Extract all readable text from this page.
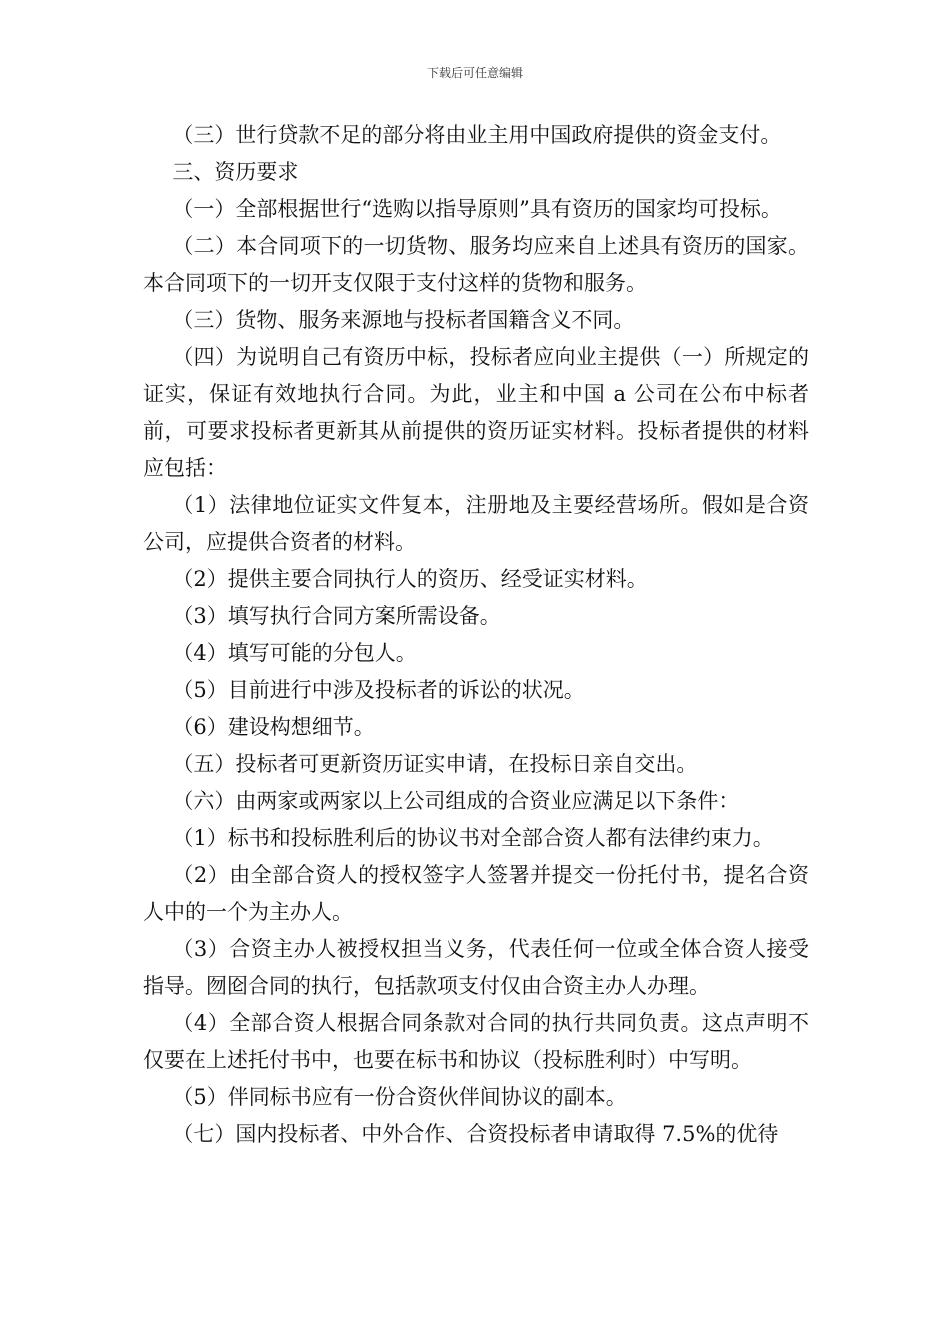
下载后可任意编辑

（三）世行贷款不足的部分将由业主用中国政府提供的资金支付。

三、资历要求

（一）全部根据世行“选购以指导原则”具有资历的国家均可投标。

（二）本合同项下的一切货物、服务均应来自上述具有资历的国家。本合同项下的一切开支仅限于支付这样的货物和服务。

（三）货物、服务来源地与投标者国籍含义不同。

（四）为说明自己有资历中标，投标者应向业主提供（一）所规定的证实，保证有效地执行合同。为此，业主和中国 a 公司在公布中标者前，可要求投标者更新其从前提供的资历证实材料。投标者提供的材料应包括：

（1）法律地位证实文件复本，注册地及主要经营场所。假如是合资公司，应提供合资者的材料。

（2）提供主要合同执行人的资历、经受证实材料。

（3）填写执行合同方案所需设备。

（4）填写可能的分包人。

（5）目前进行中涉及投标者的诉讼的状况。

（6）建设构想细节。

（五）投标者可更新资历证实申请，在投标日亲自交出。

（六）由两家或两家以上公司组成的合资业应满足以下条件：

（1）标书和投标胜利后的协议书对全部合资人都有法律约束力。

（2）由全部合资人的授权签字人签署并提交一份托付书，提名合资人中的一个为主办人。

（3）合资主办人被授权担当义务，代表任何一位或全体合资人接受指导。囫囵合同的执行，包括款项支付仅由合资主办人办理。

（4）全部合资人根据合同条款对合同的执行共同负责。这点声明不仅要在上述托付书中，也要在标书和协议（投标胜利时）中写明。

（5）伴同标书应有一份合资伙伴间协议的副本。

（七）国内投标者、中外合作、合资投标者申请取得 7.5%的优待
